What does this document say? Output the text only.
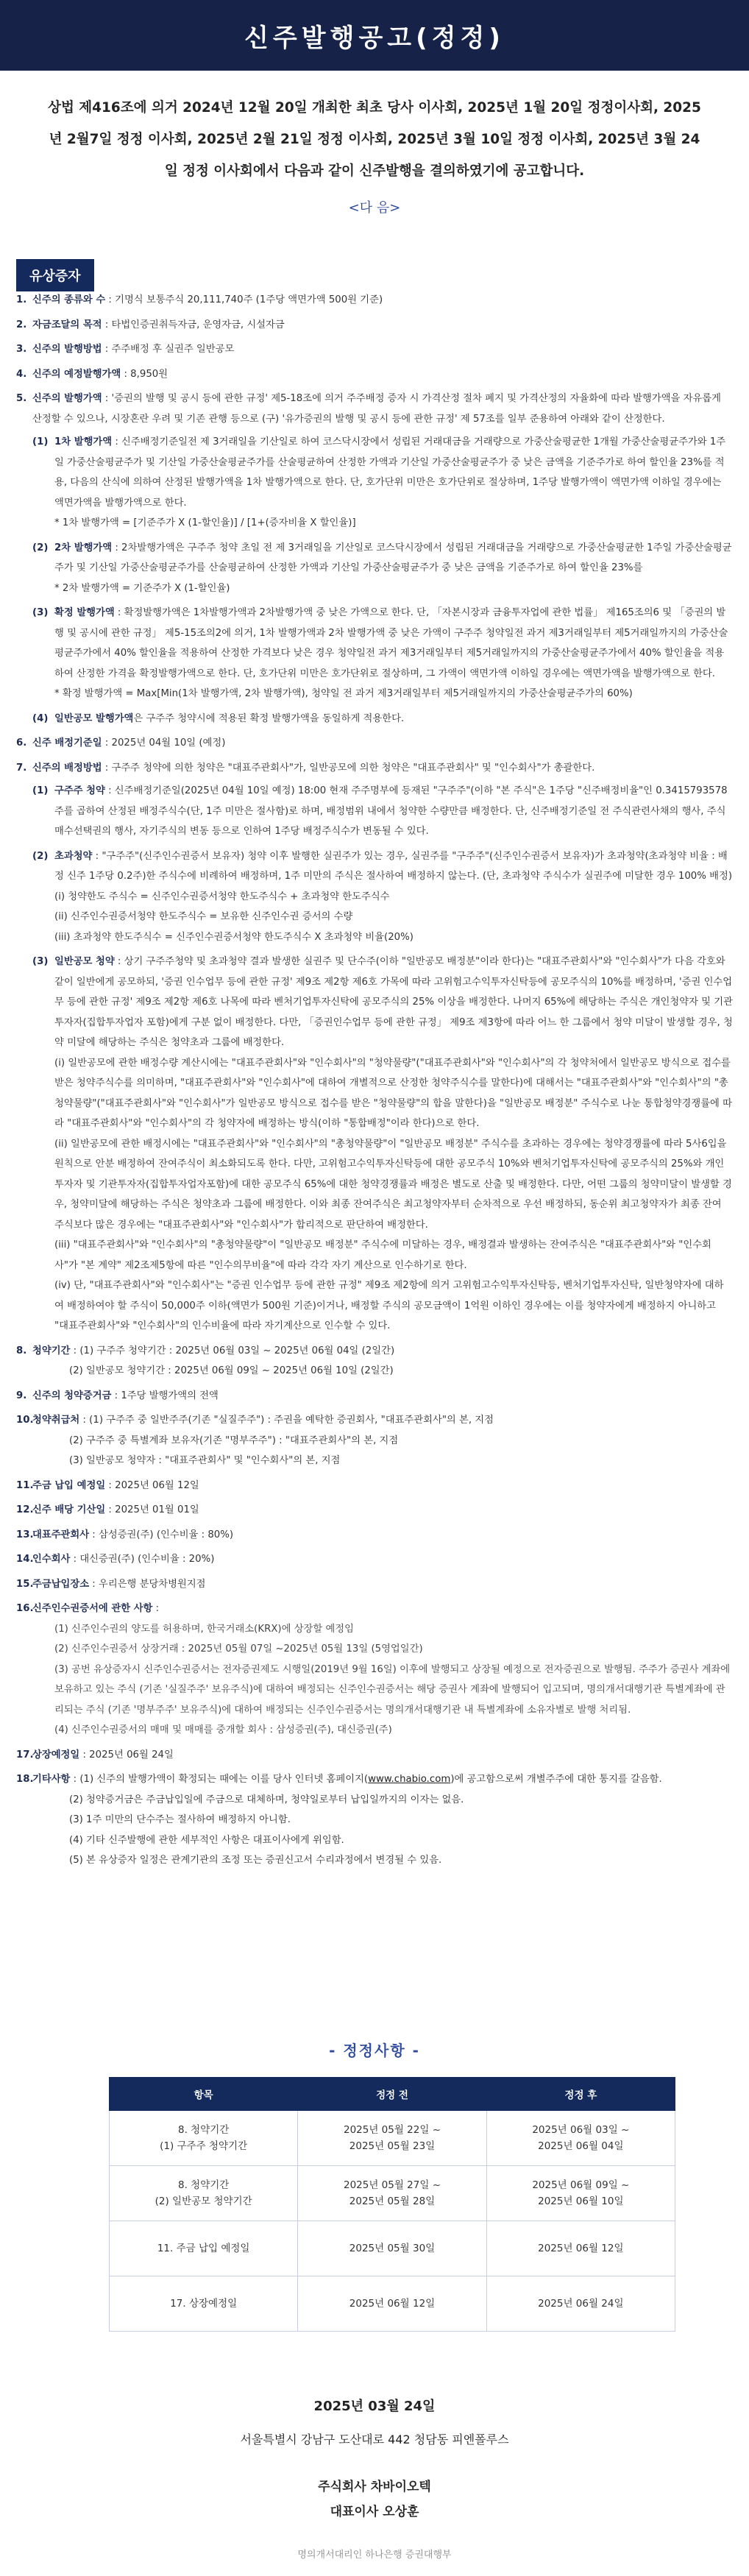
신주발행공고(정정)
상법 제416조에 의거 2024년 12월 20일 개최한 최초 당사 이사회, 2025년 1월 20일 정정이사회, 2025년 2월7일 정정 이사회, 2025년 2월 21일 정정 이사회, 2025년 3월 10일 정정 이사회, 2025년 3월 24일 정정 이사회에서 다음과 같이 신주발행을 결의하였기에 공고합니다.
<다 음>
유상증자
1. 신주의 종류와 수 : 기명식 보통주식 20,111,740주 (1주당 액면가액 500원 기준)
2. 자금조달의 목적 : 타법인증권취득자금, 운영자금, 시설자금
3. 신주의 발행방법 : 주주배정 후 실권주 일반공모
4. 신주의 예정발행가액 : 8,950원
5. 신주의 발행가액 : '증권의 발행 및 공시 등에 관한 규정' 제5-18조에 의거 주주배정 증자 시 가격산정 절차 폐지 및 가격산정의 자율화에 따라 발행가액을 자유롭게 산정할 수 있으나, 시장혼란 우려 및 기존 관행 등으로 (구) '유가증권의 발행 및 공시 등에 관한 규정' 제 57조를 일부 준용하여 아래와 같이 산정한다.
(1) 1차 발행가액 : 신주배정기준일전 제 3거래일을 기산일로 하여 코스닥시장에서 성립된 거래대금을 거래량으로 가중산술평균한 1개월 가중산술평균주가와 1주일 가중산술평균주가 및 기산일 가중산술평균주가를 산술평균하여 산정한 가액과 기산일 가중산술평균주가 중 낮은 금액을 기준주가로 하여 할인율 23%를 적용, 다음의 산식에 의하여 산정된 발행가액을 1차 발행가액으로 한다. 단, 호가단위 미만은 호가단위로 절상하며, 1주당 발행가액이 액면가액 이하일 경우에는 액면가액을 발행가액으로 한다.
* 1차 발행가액 = [기준주가 X (1-할인율)] / [1+(증자비율 X 할인율)]
(2) 2차 발행가액 : 2차발행가액은 구주주 청약 초일 전 제 3거래일을 기산일로 코스닥시장에서 성립된 거래대금을 거래량으로 가중산술평균한 1주일 가중산술평균주가 및 기산일 가중산술평균주가를 산술평균하여 산정한 가액과 기산일 가중산술평균주가 중 낮은 금액을 기준주가로 하여 할인율 23%를
* 2차 발행가액 = 기준주가 X (1-할인율)
(3) 확정 발행가액 : 확정발행가액은 1차발행가액과 2차발행가액 중 낮은 가액으로 한다. 단, 「자본시장과 금융투자업에 관한 법률」 제165조의6 및 「증권의 발행 및 공시에 관한 규정」 제5-15조의2에 의거, 1차 발행가액과 2차 발행가액 중 낮은 가액이 구주주 청약일전 과거 제3거래일부터 제5거래일까지의 가중산술평균주가에서 40% 할인율을 적용하여 산정한 가격보다 낮은 경우 청약일전 과거 제3거래일부터 제5거래일까지의 가중산술평균주가에서 40% 할인율을 적용하여 산정한 가격을 확정발행가액으로 한다. 단, 호가단위 미만은 호가단위로 절상하며, 그 가액이 액면가액 이하일 경우에는 액면가액을 발행가액으로 한다.
* 확정 발행가액 = Max[Min(1차 발행가액, 2차 발행가액), 청약일 전 과거 제3거래일부터 제5거래일까지의 가중산술평균주가의 60%)
(4) 일반공모 발행가액은 구주주 청약시에 적용된 확정 발행가액을 동일하게 적용한다.
6. 신주 배정기준일 : 2025년 04월 10일 (예정)
7. 신주의 배정방법 : 구주주 청약에 의한 청약은 "대표주관회사"가, 일반공모에 의한 청약은 "대표주관회사" 및 "인수회사"가 총괄한다.
(1) 구주주 청약 : 신주배정기준일(2025년 04월 10일 예정) 18:00 현재 주주명부에 등재된 "구주주"(이하 "본 주식"은 1주당 "신주배정비율"인 0.3415793578주를 곱하여 산정된 배정주식수(단, 1주 미만은 절사함)로 하며, 배정범위 내에서 청약한 수량만큼 배정한다. 단, 신주배정기준일 전 주식관련사채의 행사, 주식매수선택권의 행사, 자기주식의 변동 등으로 인하여 1주당 배정주식수가 변동될 수 있다.
(2) 초과청약 : "구주주"(신주인수권증서 보유자) 청약 이후 발행한 실권주가 있는 경우, 실권주를 "구주주"(신주인수권증서 보유자)가 초과청약(초과청약 비율 : 배정 신주 1주당 0.2주)한 주식수에 비례하여 배정하며, 1주 미만의 주식은 절사하여 배정하지 않는다. (단, 초과청약 주식수가 실권주에 미달한 경우 100% 배정)
(i) 청약한도 주식수 = 신주인수권증서청약 한도주식수 + 초과청약 한도주식수
(ii) 신주인수권증서청약 한도주식수 = 보유한 신주인수권 증서의 수량
(iii) 초과청약 한도주식수 = 신주인수권증서청약 한도주식수 X 초과청약 비율(20%)
(3) 일반공모 청약 : 상기 구주주청약 및 초과청약 결과 발생한 실권주 및 단수주(이하 "일반공모 배정분"이라 한다)는 "대표주관회사"와 "인수회사"가 다음 각호와 같이 일반에게 공모하되, '증권 인수업무 등에 관한 규정' 제9조 제2항 제6호 가목에 따라 고위험고수익투자신탁등에 공모주식의 10%를 배정하며, '증권 인수업무 등에 관한 규정' 제9조 제2항 제6호 나목에 따라 벤처기업투자신탁에 공모주식의 25% 이상을 배정한다. 나머지 65%에 해당하는 주식은 개인청약자 및 기관투자자(집합투자업자 포함)에게 구분 없이 배정한다. 다만, 「증권인수업무 등에 관한 규정」 제9조 제3항에 따라 어느 한 그룹에서 청약 미달이 발생할 경우, 청약 미달에 해당하는 주식은 청약초과 그룹에 배정한다.
(i) 일반공모에 관한 배정수량 계산시에는 "대표주관회사"와 "인수회사"의 "청약물량"("대표주관회사"와 "인수회사"의 각 청약처에서 일반공모 방식으로 접수를 받은 청약주식수를 의미하며, "대표주관회사"와 "인수회사"에 대하여 개별적으로 산정한 청약주식수를 말한다)에 대해서는 "대표주관회사"와 "인수회사"의 "총청약물량"("대표주관회사"와 "인수회사"가 일반공모 방식으로 접수를 받은 "청약물량"의 합을 말한다)을 "일반공모 배정분" 주식수로 나눈 통합청약경쟁률에 따라 "대표주관회사"와 "인수회사"의 각 청약자에 배정하는 방식(이하 "통합배정"이라 한다)으로 한다.
(ii) 일반공모에 관한 배정시에는 "대표주관회사"와 "인수회사"의 "총청약물량"이 "일반공모 배정분" 주식수를 초과하는 경우에는 청약경쟁률에 따라 5사6입을 원칙으로 안분 배정하여 잔여주식이 최소화되도록 한다. 다만, 고위험고수익투자신탁등에 대한 공모주식 10%와 벤처기업투자신탁에 공모주식의 25%와 개인투자자 및 기관투자자(집합투자업자포함)에 대한 공모주식 65%에 대한 청약경쟁률과 배정은 별도로 산출 및 배정한다. 다만, 어떤 그룹의 청약미달이 발생할 경우, 청약미달에 해당하는 주식은 청약초과 그룹에 배정한다. 이와 최종 잔여주식은 최고청약자부터 순차적으로 우선 배정하되, 동순위 최고청약자가 최종 잔여 주식보다 많은 경우에는 "대표주관회사"와 "인수회사"가 합리적으로 판단하여 배정한다.
(iii) "대표주관회사"와 "인수회사"의 "총청약물량"이 "일반공모 배정분" 주식수에 미달하는 경우, 배정결과 발생하는 잔여주식은 "대표주관회사"와 "인수회사"가 "본 계약" 제2조제5항에 따른 "인수의무비율"에 따라 각각 자기 계산으로 인수하기로 한다.
(iv) 단, "대표주관회사"와 "인수회사"는 "증권 인수업무 등에 관한 규정" 제9조 제2항에 의거 고위험고수익투자신탁등, 벤처기업투자신탁, 일반청약자에 대하여 배정하여야 할 주식이 50,000주 이하(액면가 500원 기준)이거나, 배정할 주식의 공모금액이 1억원 이하인 경우에는 이를 청약자에게 배정하지 아니하고 "대표주관회사"와 "인수회사"의 인수비율에 따라 자기계산으로 인수할 수 있다.
8. 청약기간 : (1) 구주주 청약기간 : 2025년 06월 03일 ~ 2025년 06월 04일 (2일간)
(2) 일반공모 청약기간 : 2025년 06월 09일 ~ 2025년 06월 10일 (2일간)
9. 신주의 청약증거금 : 1주당 발행가액의 전액
10.
청약취급처 : (1) 구주주 중 일반주주(기존 "실질주주") : 주권을 예탁한 증권회사, "대표주관회사"의 본, 지점
(2) 구주주 중 특별계좌 보유자(기존 "명부주주") : "대표주관회사"의 본, 지점
(3) 일반공모 청약자 : "대표주관회사" 및 "인수회사"의 본, 지점
11.
주금 납입 예정일 : 2025년 06월 12일
12.
신주 배당 기산일 : 2025년 01월 01일
13.
대표주관회사 : 삼성증권(주) (인수비율 : 80%)
14.
인수회사 : 대신증권(주) (인수비율 : 20%)
15.
주금납입장소 : 우리은행 분당차병원지점
16.
신주인수권증서에 관한 사항 :
(1) 신주인수권의 양도를 허용하며, 한국거래소(KRX)에 상장할 예정임
(2) 신주인수권증서 상장거래 : 2025년 05월 07일 ~2025년 05월 13일 (5영업일간)
(3) 공번 유상증자시 신주인수권증서는 전자증권제도 시행일(2019년 9월 16일) 이후에 발행되고 상장될 예정으로 전자증권으로 발행됨. 주주가 증권사 계좌에 보유하고 있는 주식 (기존 '실질주주' 보유주식)에 대하여 배정되는 신주인수권증서는 해당 증권사 계좌에 발행되어 입고되며, 명의개서대행기관 특별계좌에 관리되는 주식 (기존 '명부주주' 보유주식)에 대하여 배정되는 신주인수권증서는 명의개서대행기관 내 특별계좌에 소유자별로 발행 처리됨.
(4) 신주인수권증서의 매매 및 매매를 중개할 회사 : 삼성증권(주), 대신증권(주)
17.
상장예정일 : 2025년 06월 24일
18.
기타사항 : (1) 신주의 발행가액이 확정되는 때에는 이를 당사 인터넷 홈페이지(www.chabio.com)에 공고함으로써 개별주주에 대한 통지를 갈음함.
(2) 청약증거금은 주금납입일에 주금으로 대체하며, 청약일로부터 납입일까지의 이자는 없음.
(3) 1주 미만의 단수주는 절사하여 배정하지 아니함.
(4) 기타 신주발행에 관한 세부적인 사항은 대표이사에게 위임함.
(5) 본 유상증자 일정은 관계기관의 조정 또는 증권신고서 수리과정에서 변경될 수 있음.
- 정정사항 -
항목	정정 전	정정 후

8. 청약기간
(1) 구주주 청약기간	2025년 05월 22일 ~
2025년 05월 23일	2025년 06월 03일 ~
2025년 06월 04일

8. 청약기간
(2) 일반공모 청약기간	2025년 05월 27일 ~
2025년 05월 28일	2025년 06월 09일 ~
2025년 06월 10일

11. 주금 납입 예정일	2025년 05월 30일	2025년 06월 12일

17. 상장예정일	2025년 06월 12일	2025년 06월 24일
2025년 03월 24일
서울특별시 강남구 도산대로 442 청담동 피엔폴루스
주식회사 차바이오텍
대표이사 오상훈
명의개서대리인 하나은행 증권대행부
